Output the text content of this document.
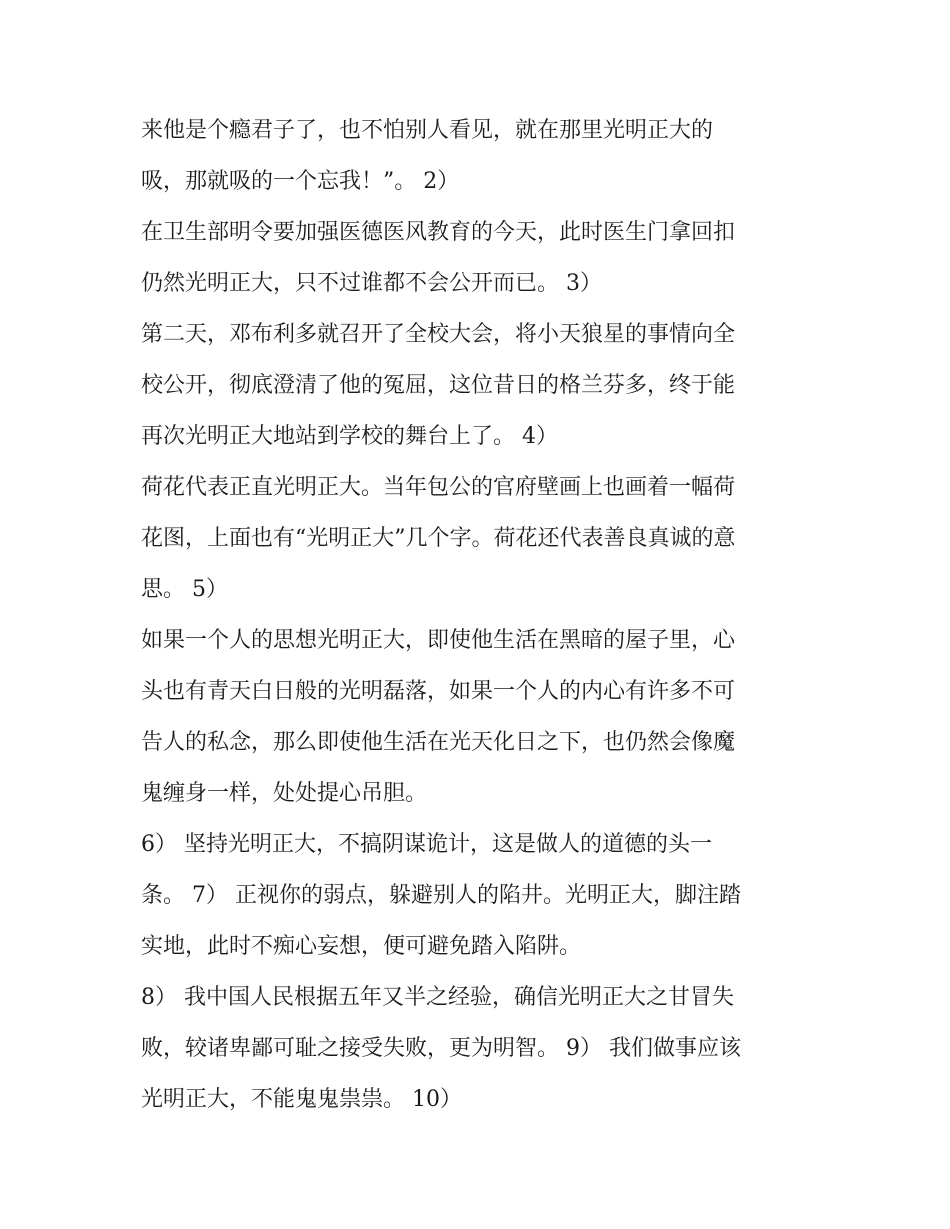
来他是个瘾君子了，也不怕别人看见，就在那里光明正大的
吸，那就吸的一个忘我！”。 2）
在卫生部明令要加强医德医风教育的今天，此时医生门拿回扣
仍然光明正大，只不过谁都不会公开而已。 3）
第二天，邓布利多就召开了全校大会，将小天狼星的事情向全
校公开，彻底澄清了他的冤屈，这位昔日的格兰芬多，终于能
再次光明正大地站到学校的舞台上了。 4）
荷花代表正直光明正大。当年包公的官府壁画上也画着一幅荷
花图，上面也有“光明正大”几个字。荷花还代表善良真诚的意
思。 5）
如果一个人的思想光明正大，即使他生活在黑暗的屋子里，心
头也有青天白日般的光明磊落，如果一个人的内心有许多不可
告人的私念，那么即使他生活在光天化日之下，也仍然会像魔
鬼缠身一样，处处提心吊胆。
6） 坚持光明正大，不搞阴谋诡计，这是做人的道德的头一
条。 7） 正视你的弱点，躲避别人的陷井。光明正大，脚注踏
实地，此时不痴心妄想，便可避免踏入陷阱。
8） 我中国人民根据五年又半之经验，确信光明正大之甘冒失
败，较诸卑鄙可耻之接受失败，更为明智。 9） 我们做事应该
光明正大，不能鬼鬼祟祟。 10）
